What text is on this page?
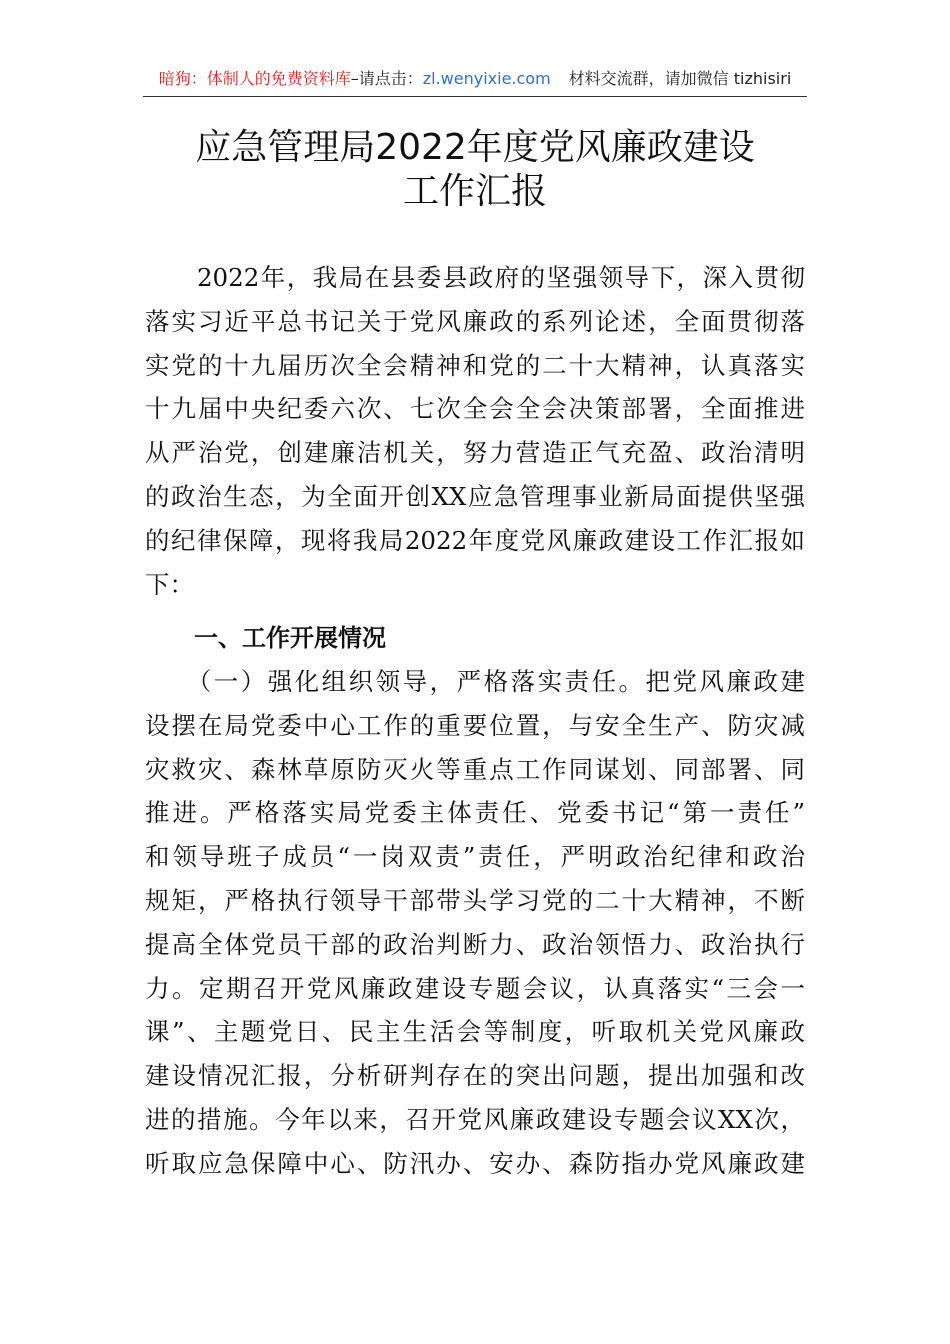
暗狗：体制人的免费资料库–请点击：zl.wenyixie.com 材料交流群，请加微信 tizhisiri
应急管理局2022年度党风廉政建设
工作汇报
　　2022年，我局在县委县政府的坚强领导下，深入贯彻
落实习近平总书记关于党风廉政的系列论述，全面贯彻落
实党的十九届历次全会精神和党的二十大精神，认真落实
十九届中央纪委六次、七次全会全会决策部署，全面推进
从严治党，创建廉洁机关，努力营造正气充盈、政治清明
的政治生态，为全面开创XX应急管理事业新局面提供坚强
的纪律保障，现将我局2022年度党风廉政建设工作汇报如
下：
一、工作开展情况
　　（一）强化组织领导，严格落实责任。把党风廉政建
设摆在局党委中心工作的重要位置，与安全生产、防灾减
灾救灾、森林草原防灭火等重点工作同谋划、同部署、同
推进。严格落实局党委主体责任、党委书记“第一责任”
和领导班子成员“一岗双责”责任，严明政治纪律和政治
规矩，严格执行领导干部带头学习党的二十大精神，不断
提高全体党员干部的政治判断力、政治领悟力、政治执行
力。定期召开党风廉政建设专题会议，认真落实“三会一
课”、主题党日、民主生活会等制度，听取机关党风廉政
建设情况汇报，分析研判存在的突出问题，提出加强和改
进的措施。今年以来，召开党风廉政建设专题会议XX次，
听取应急保障中心、防汛办、安办、森防指办党风廉政建
